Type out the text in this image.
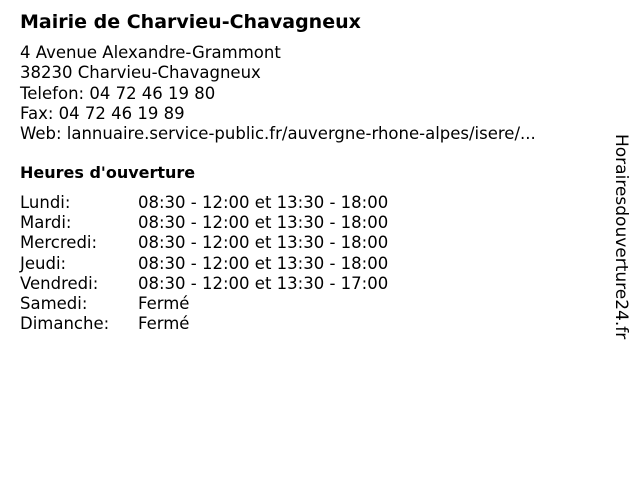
Mairie de Charvieu-Chavagneux
4 Avenue Alexandre-Grammont
38230 Charvieu-Chavagneux
Telefon: 04 72 46 19 80
Fax: 04 72 46 19 89
Web: lannuaire.service-public.fr/auvergne-rhone-alpes/isere/...
Heures d'ouverture
Lundi:	08:30 - 12:00 et 13:30 - 18:00
Mardi:	08:30 - 12:00 et 13:30 - 18:00
Mercredi: 08:30 - 12:00 et 13:30 - 18:00
Jeudi:	08:30 - 12:00 et 13:30 - 18:00
Vendredi: 08:30 - 12:00 et 13:30 - 17:00
Samedi:	Fermé
Dimanche: Fermé	Horairesdouverture24.fr
